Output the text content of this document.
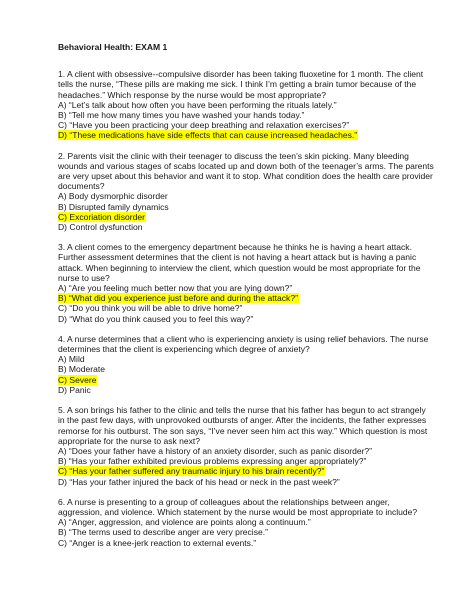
Behavioral Health: EXAM 1

1. A client with obsessive--compulsive disorder has been taking fluoxetine for 1 month. The client tells the nurse, “These pills are making me sick. I think I’m getting a brain tumor because of the headaches.” Which response by the nurse would be most appropriate?

A) “Let’s talk about how often you have been performing the rituals lately.”
B) “Tell me how many times you have washed your hands today.”
C) “Have you been practicing your deep breathing and relaxation exercises?”
D) “These medications have side effects that can cause increased headaches.”

2. Parents visit the clinic with their teenager to discuss the teen’s skin picking. Many bleeding wounds and various stages of scabs located up and down both of the teenager’s arms. The parents are very upset about this behavior and want it to stop. What condition does the health care provider documents?

A) Body dysmorphic disorder
B) Disrupted family dynamics
C) Excoriation disorder
D) Control dysfunction

3. A client comes to the emergency department because he thinks he is having a heart attack. Further assessment determines that the client is not having a heart attack but is having a panic attack. When beginning to interview the client, which question would be most appropriate for the nurse to use?

A) “Are you feeling much better now that you are lying down?”
B) “What did you experience just before and during the attack?”
C) “Do you think you will be able to drive home?”
D) “What do you think caused you to feel this way?”

4. A nurse determines that a client who is experiencing anxiety is using relief behaviors. The nurse determines that the client is experiencing which degree of anxiety?

A) Mild
B) Moderate
C) Severe
D) Panic

5. A son brings his father to the clinic and tells the nurse that his father has begun to act strangely in the past few days, with unprovoked outbursts of anger. After the incidents, the father expresses remorse for his outburst. The son says, “I’ve never seen him act this way.” Which question is most appropriate for the nurse to ask next?

A) “Does your father have a history of an anxiety disorder, such as panic disorder?”
B) “Has your father exhibited previous problems expressing anger appropriately?”
C) “Has your father suffered any traumatic injury to his brain recently?”
D) “Has your father injured the back of his head or neck in the past week?”

6. A nurse is presenting to a group of colleagues about the relationships between anger, aggression, and violence. Which statement by the nurse would be most appropriate to include?

A) “Anger, aggression, and violence are points along a continuum.”
B) “The terms used to describe anger are very precise.”
C) “Anger is a knee-jerk reaction to external events.”
